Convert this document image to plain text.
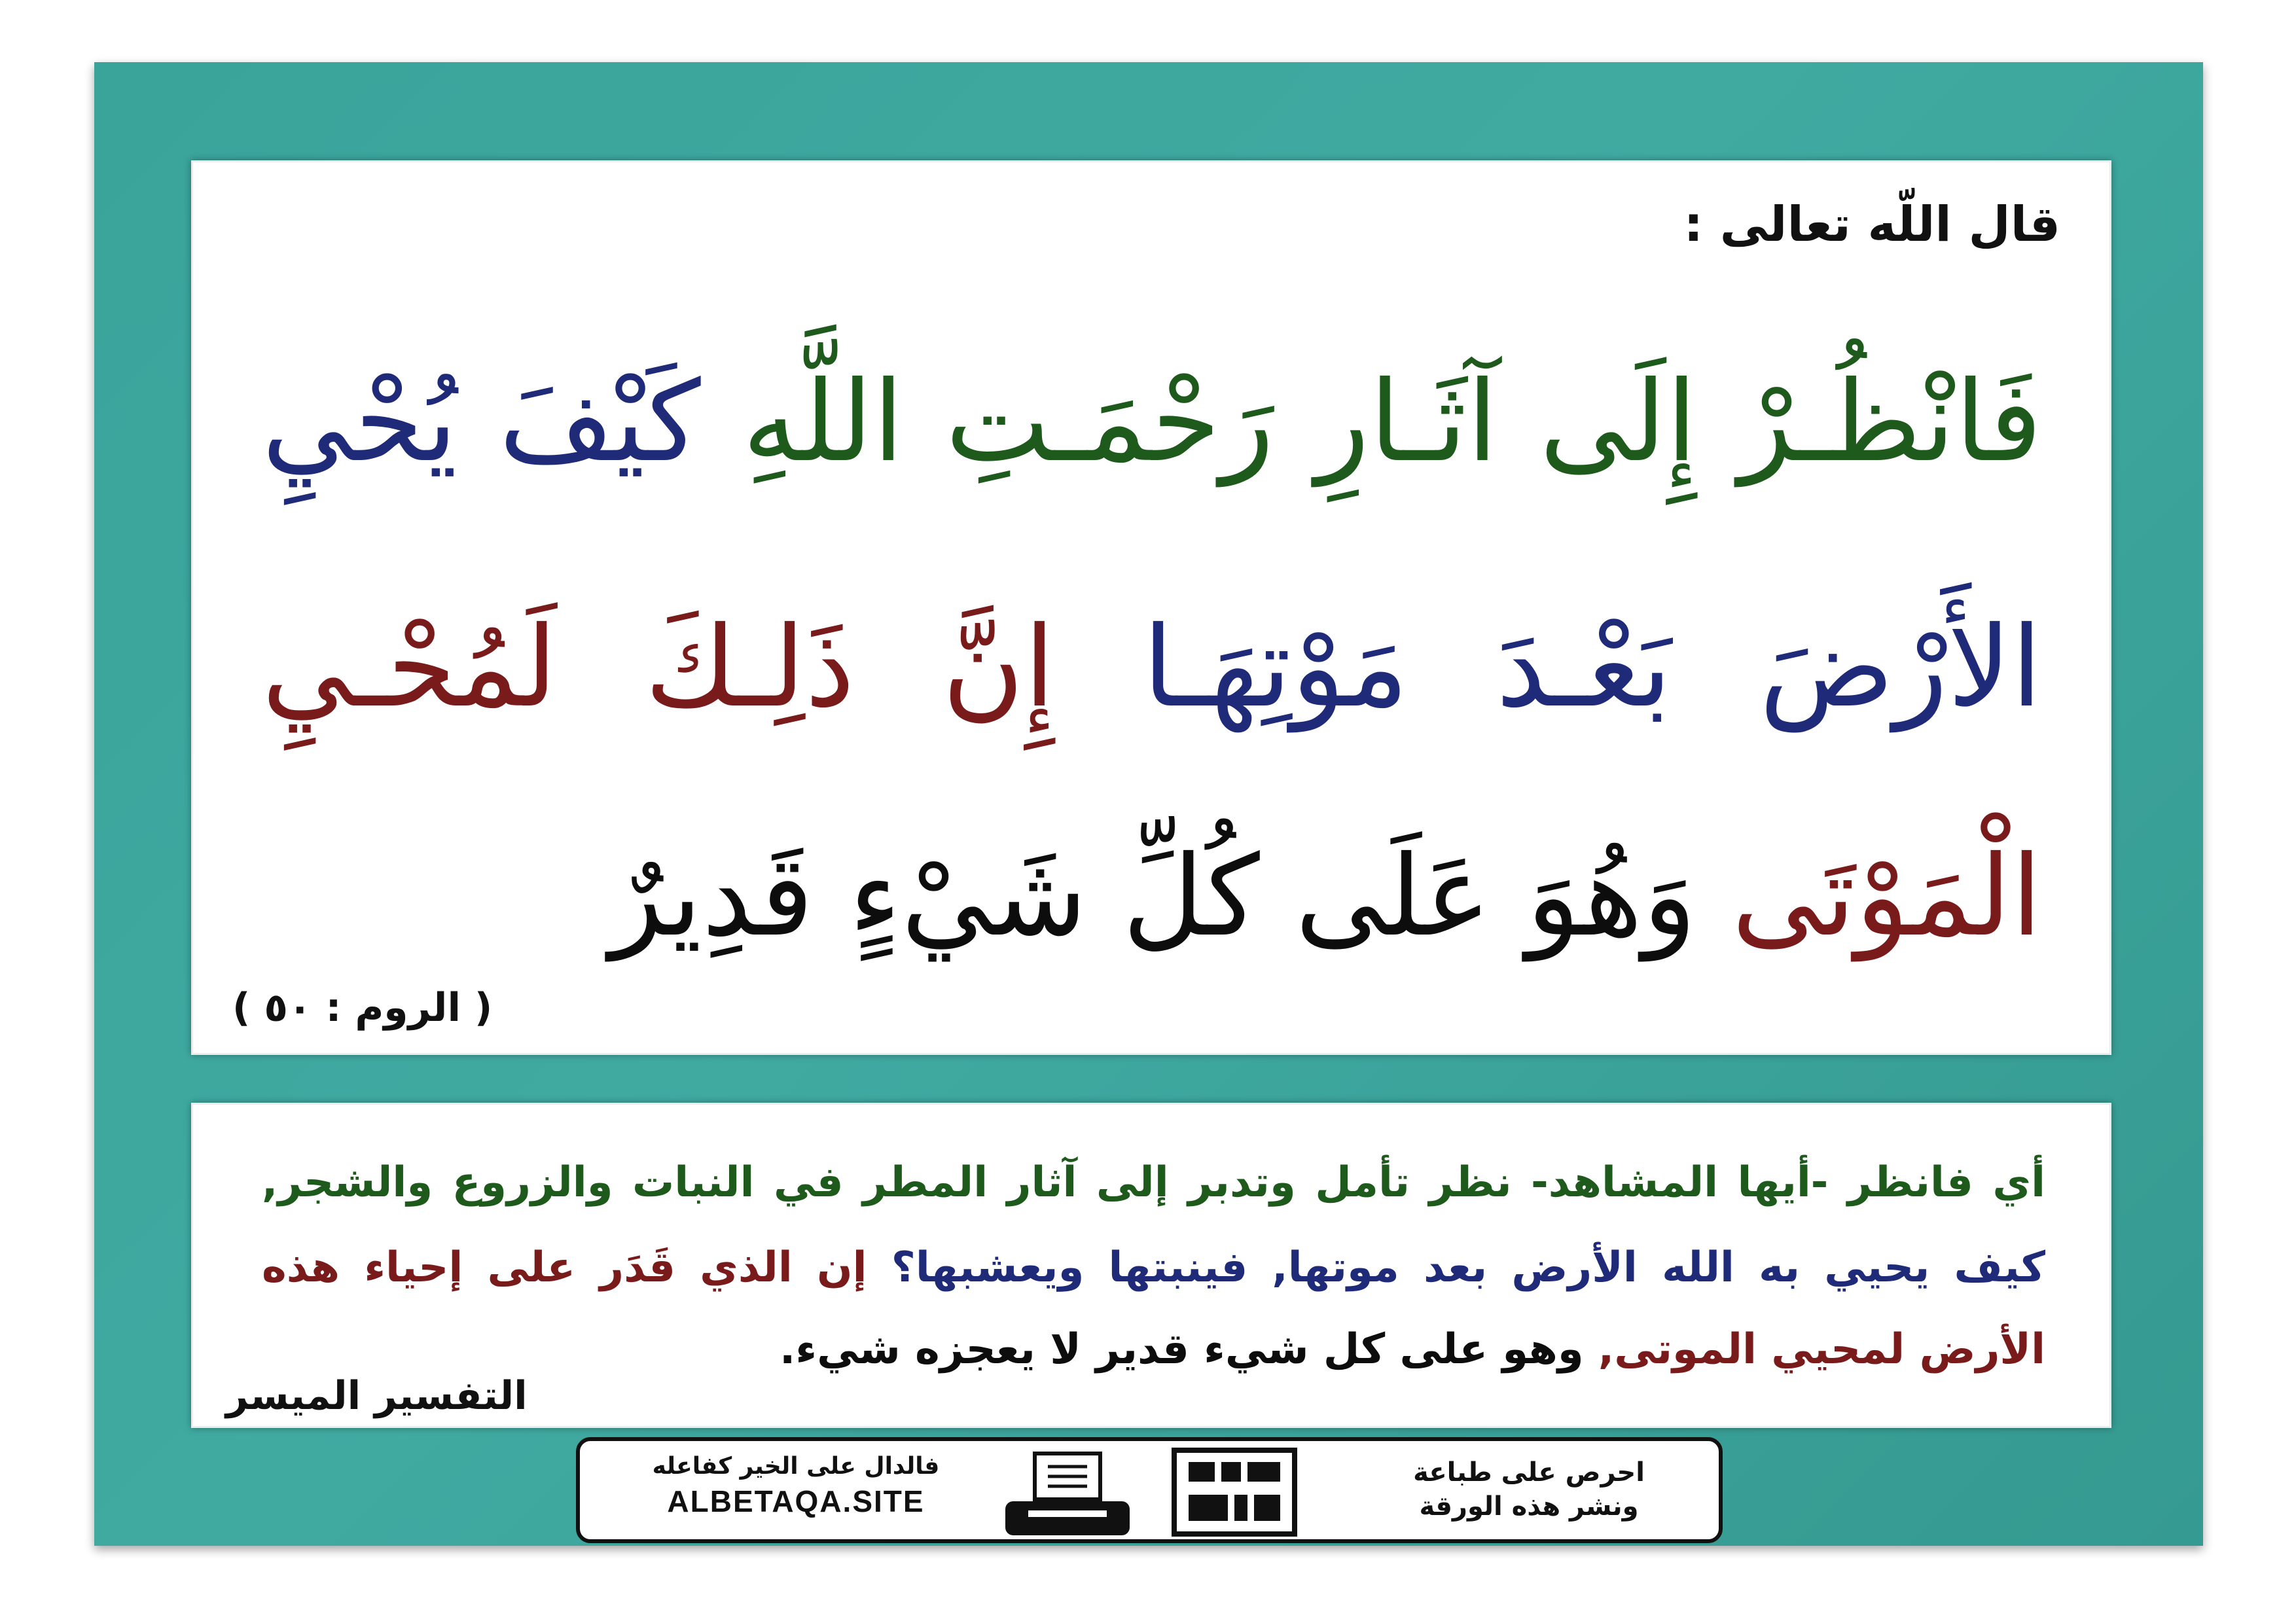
قال اللّه تعالى :
فَانْظُـرْ إِلَى آثَـارِ رَحْمَـتِ اللَّهِ كَيْفَ يُحْيِ
الأَرْضَ بَعْـدَ مَوْتِهَـا إِنَّ ذَلِـكَ لَمُحْـيِ
الْمَوْتَى وَهُوَ عَلَى كُلِّ شَيْءٍ قَدِيرٌ
( الروم : ٥٠ )
أي فانظر -أيها المشاهد- نظر تأمل وتدبر إلى آثار المطر في النبات والزروع والشجر,
كيف يحيي به الله الأرض بعد موتها, فينبتها ويعشبها؟ إن الذي قَدَر على إحياء هذه
الأرض لمحيي الموتى, وهو على كل شيء قدير لا يعجزه شيء.
التفسير الميسر
فالدال على الخير كفاعله
ALBETAQA.SITE
احرص على طباعة
ونشر هذه الورقة
